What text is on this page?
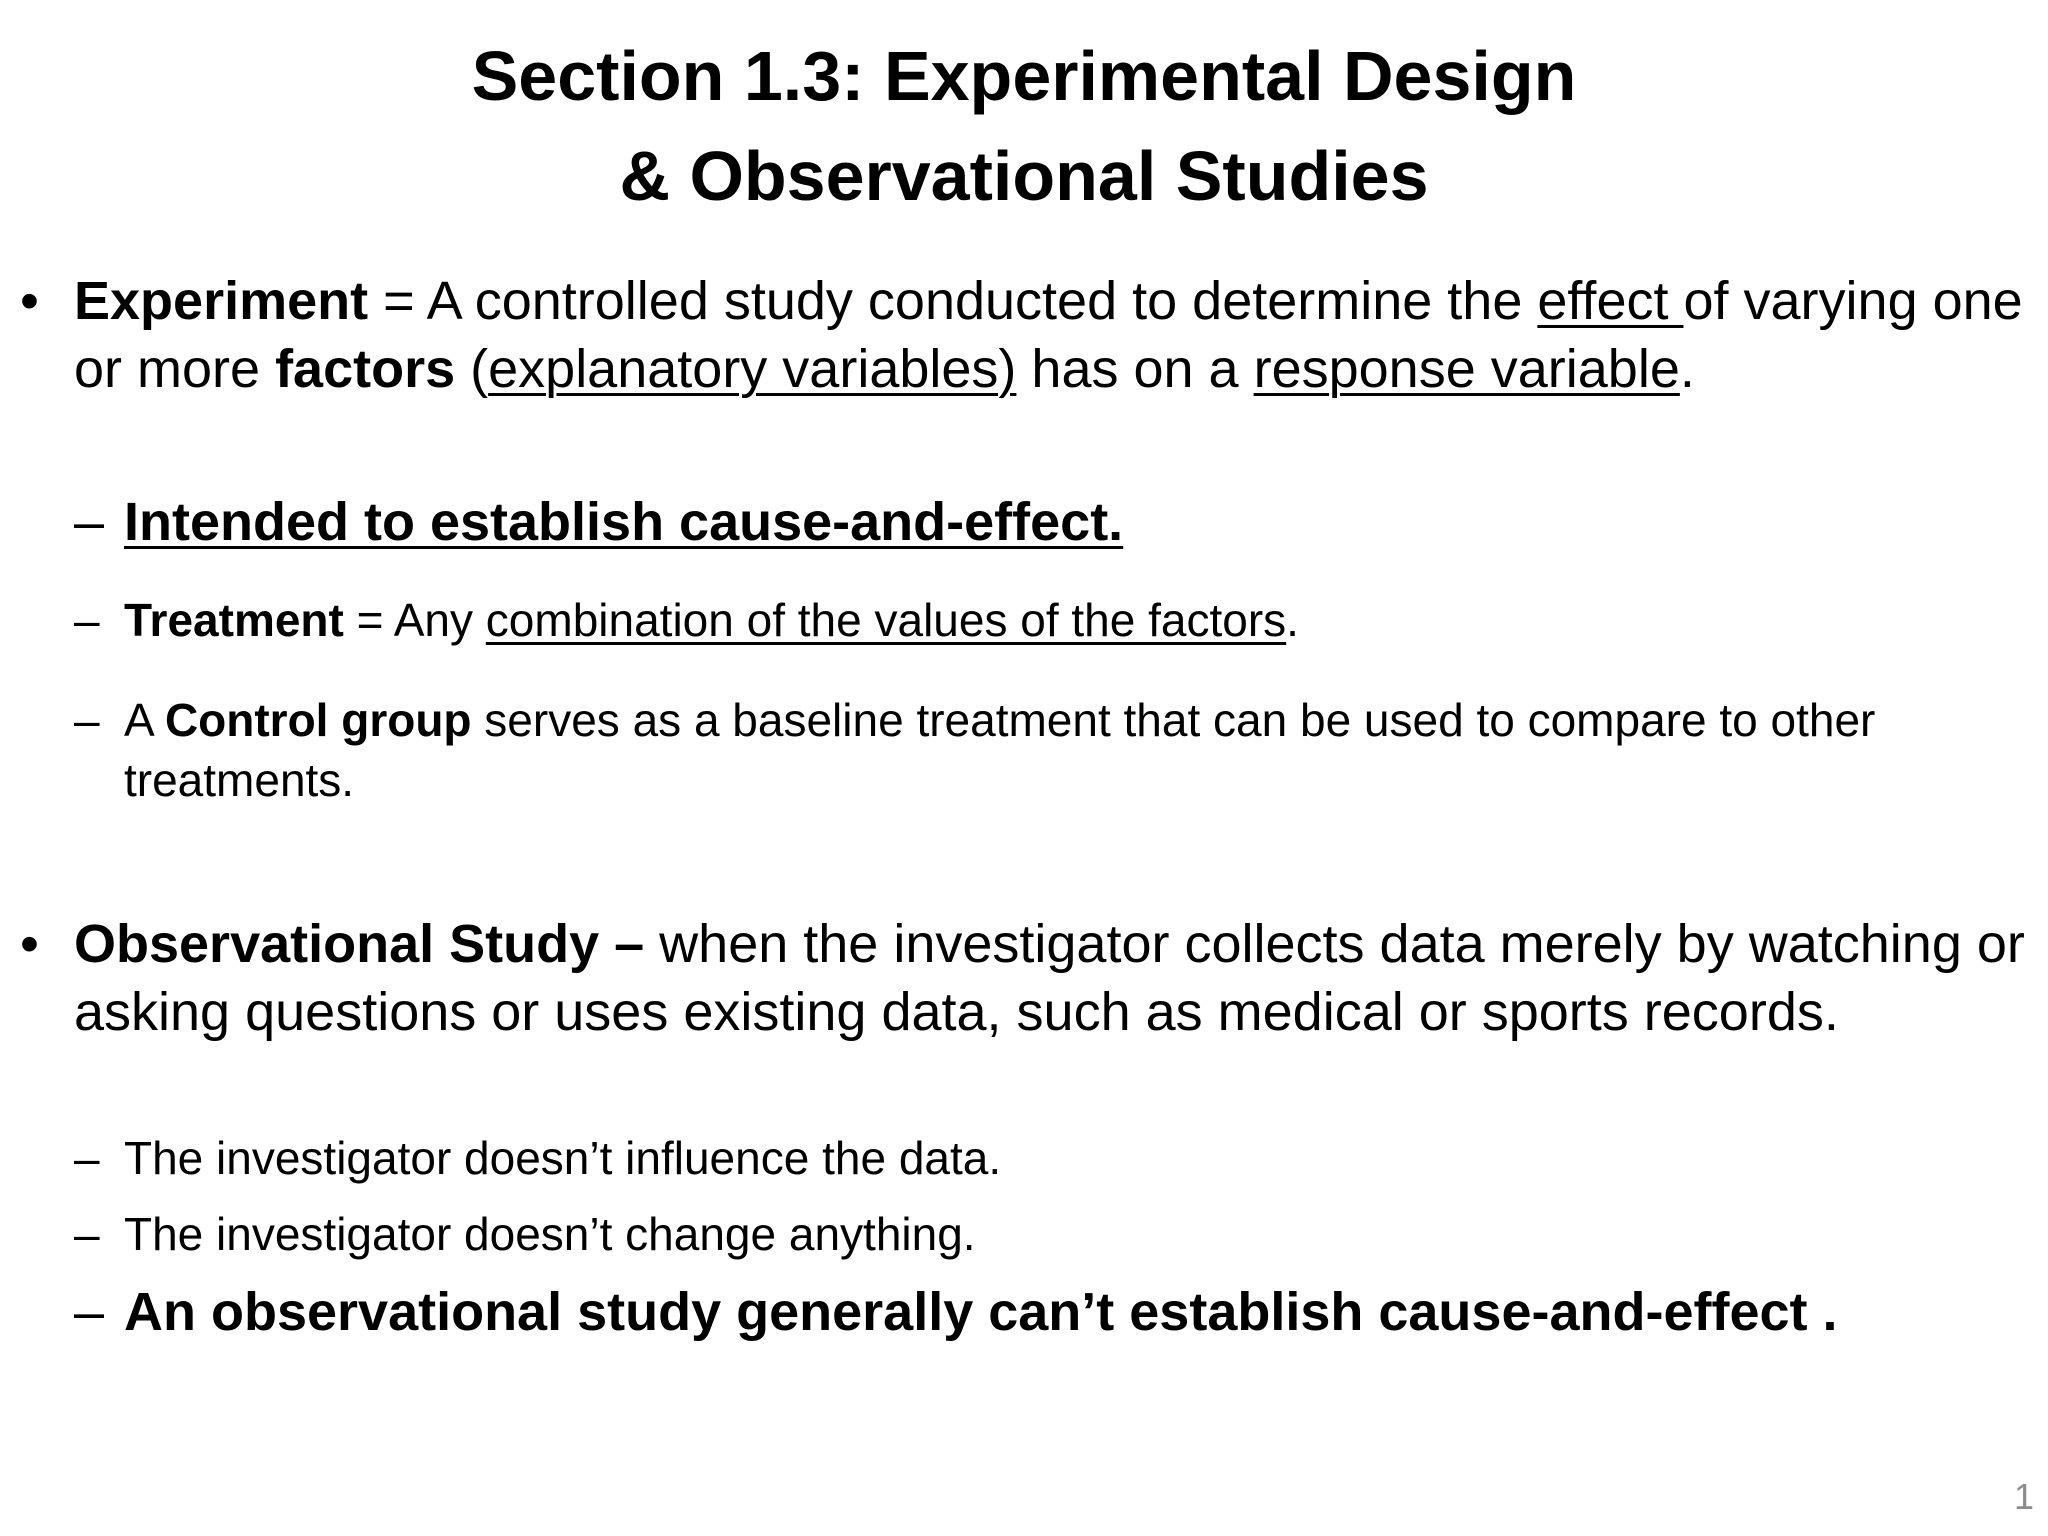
Section 1.3: Experimental Design
& Observational Studies
• Experiment = A controlled study conducted to determine the effect of varying one or more factors (explanatory variables) has on a response variable.
– Intended to establish cause-and-effect.
– Treatment = Any combination of the values of the factors.
– A Control group serves as a baseline treatment that can be used to compare to other treatments.
• Observational Study – when the investigator collects data merely by watching or asking questions or uses existing data, such as medical or sports records.
– The investigator doesn’t influence the data.
– The investigator doesn’t change anything.
– An observational study generally can’t establish cause-and-effect .
1
